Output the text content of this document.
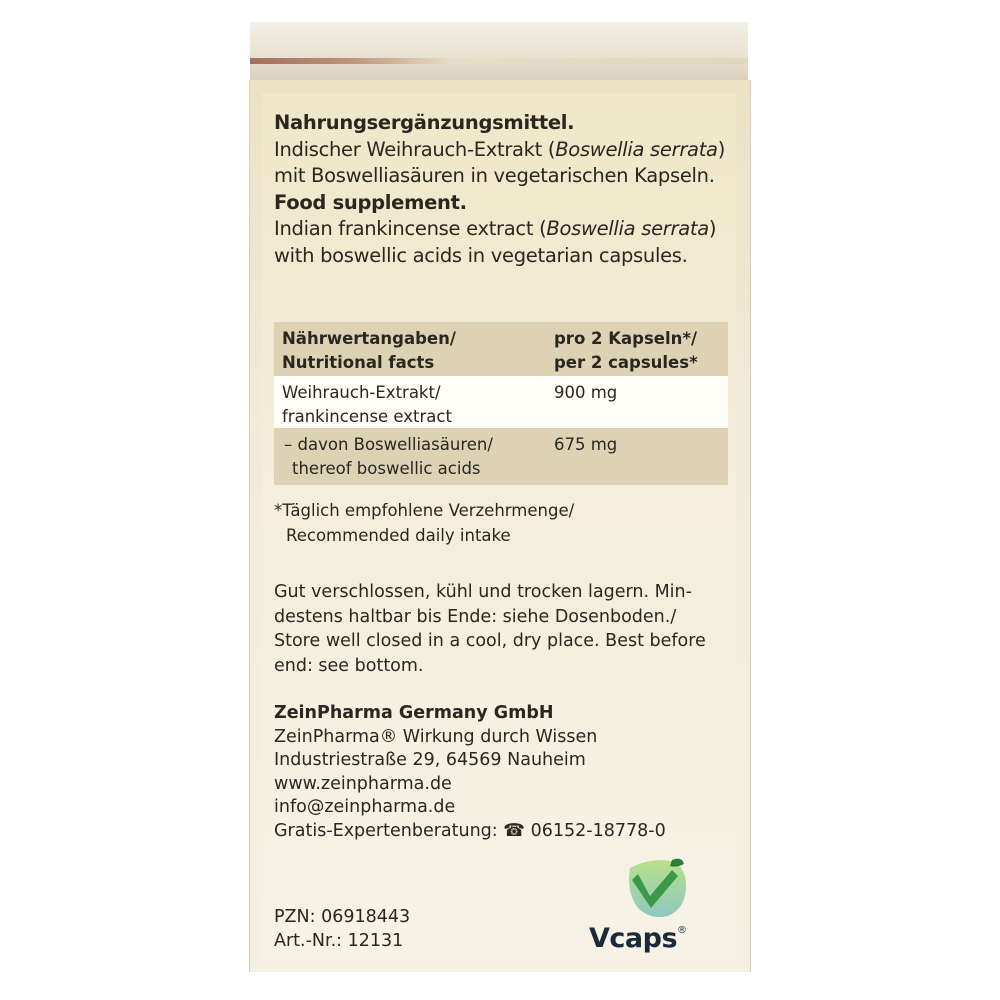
Nahrungsergänzungsmittel.
Indischer Weihrauch-Extrakt (Boswellia serrata)
mit Boswelliasäuren in vegetarischen Kapseln.
Food supplement.
Indian frankincense extract (Boswellia serrata)
with boswellic acids in vegetarian capsules.
Nährwertangaben/
Nutritional facts
pro 2 Kapseln*/
per 2 capsules*
Weihrauch-Extrakt/
frankincense extract
900 mg
– davon Boswelliasäuren/
thereof boswellic acids
675 mg
*Täglich empfohlene Verzehrmenge/
Recommended daily intake
Gut verschlossen, kühl und trocken lagern. Min-
destens haltbar bis Ende: siehe Dosenboden./
Store well closed in a cool, dry place. Best before
end: see bottom.
ZeinPharma Germany GmbH
ZeinPharma® Wirkung durch Wissen
Industriestraße 29, 64569 Nauheim
www.zeinpharma.de
info@zeinpharma.de
Gratis-Expertenberatung: ☎ 06152-18778-0
PZN: 06918443
Art.-Nr.: 12131	Vcaps®
